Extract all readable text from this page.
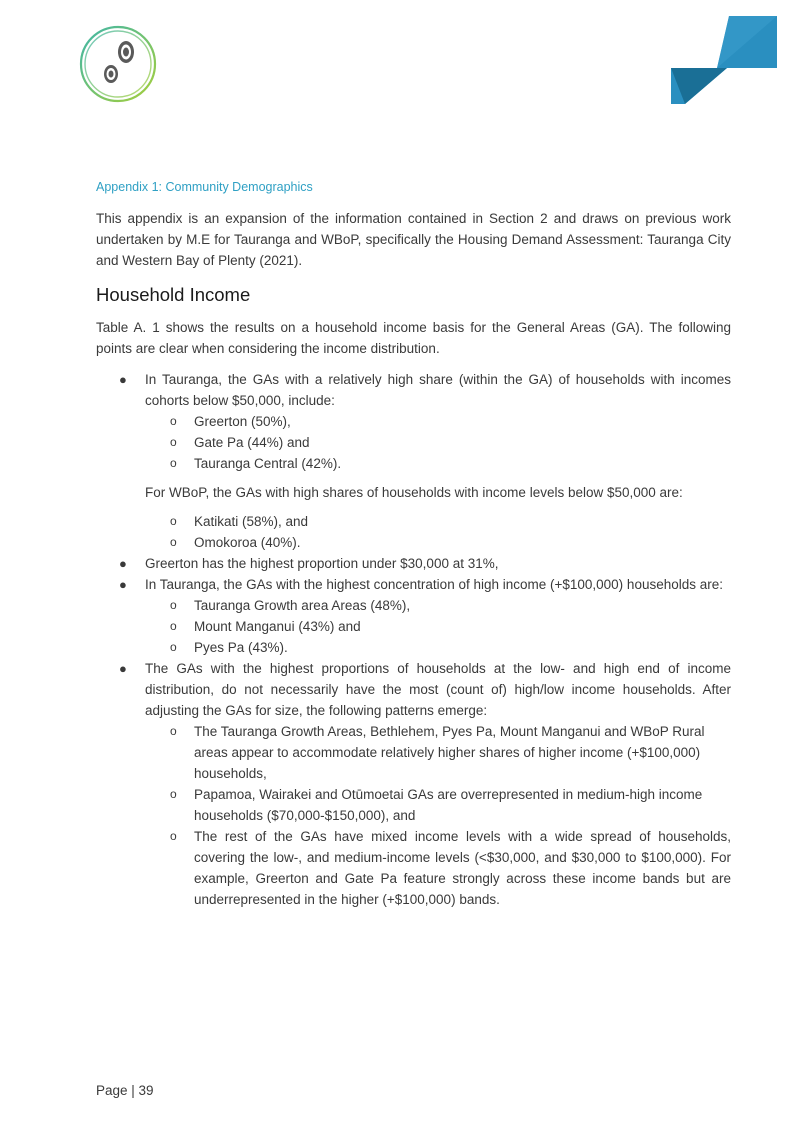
Appendix 1: Community Demographics

This appendix is an expansion of the information contained in Section 2 and draws on previous work undertaken by M.E for Tauranga and WBoP, specifically the Housing Demand Assessment: Tauranga City and Western Bay of Plenty (2021).

Household Income

Table A. 1 shows the results on a household income basis for the General Areas (GA). The following points are clear when considering the income distribution.

● In Tauranga, the GAs with a relatively high share (within the GA) of households with incomes cohorts below $50,000, include:
o Greerton (50%),
o Gate Pa (44%) and
o Tauranga Central (42%).

For WBoP, the GAs with high shares of households with income levels below $50,000 are:

o Katikati (58%), and
o Omokoroa (40%).
● Greerton has the highest proportion under $30,000 at 31%,
● In Tauranga, the GAs with the highest concentration of high income (+$100,000) households are:
o Tauranga Growth area Areas (48%),
o Mount Manganui (43%) and
o Pyes Pa (43%).
● The GAs with the highest proportions of households at the low- and high end of income distribution, do not necessarily have the most (count of) high/low income households. After adjusting the GAs for size, the following patterns emerge:
o The Tauranga Growth Areas, Bethlehem, Pyes Pa, Mount Manganui and WBoP Rural areas appear to accommodate relatively higher shares of higher income (+$100,000) households,
o Papamoa, Wairakei and Otūmoetai GAs are overrepresented in medium-high income households ($70,000-$150,000), and
o The rest of the GAs have mixed income levels with a wide spread of households, covering the low-, and medium-income levels (<$30,000, and $30,000 to $100,000). For example, Greerton and Gate Pa feature strongly across these income bands but are underrepresented in the higher (+$100,000) bands.
Page | 39
